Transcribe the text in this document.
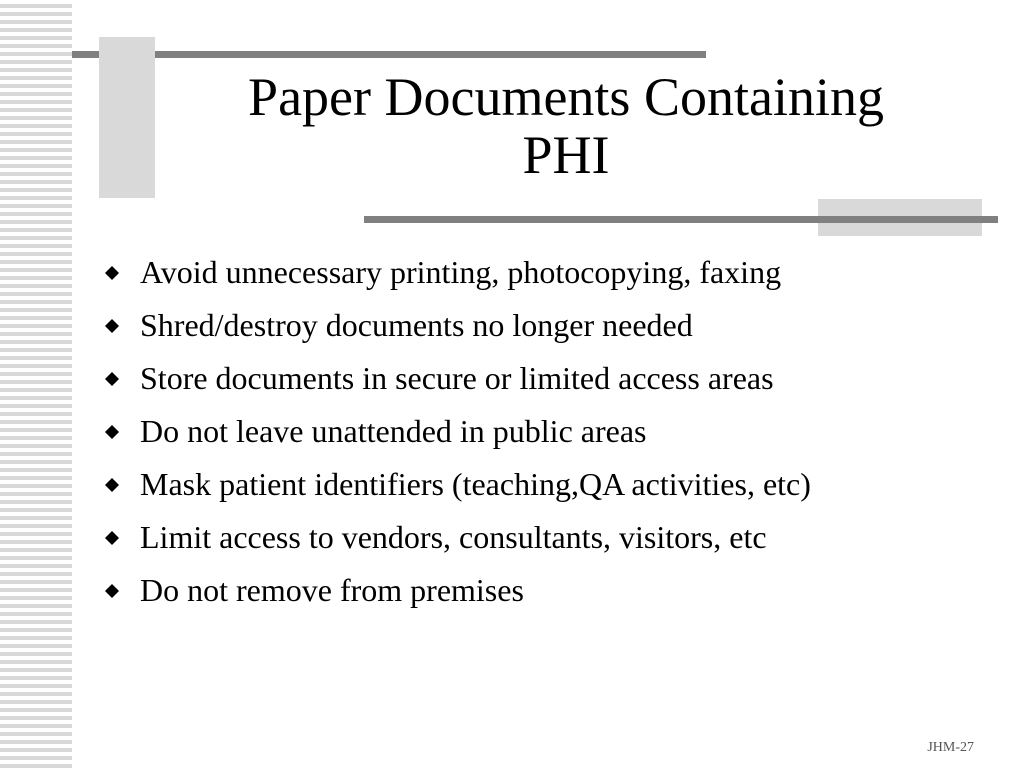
Paper Documents Containing
PHI
Avoid unnecessary printing, photocopying, faxing
Shred/destroy documents no longer needed
Store documents in secure or limited access areas
Do not leave unattended in public areas
Mask patient identifiers (teaching,QA activities, etc)
Limit access to vendors, consultants, visitors, etc
Do not remove from premises
JHM-27
